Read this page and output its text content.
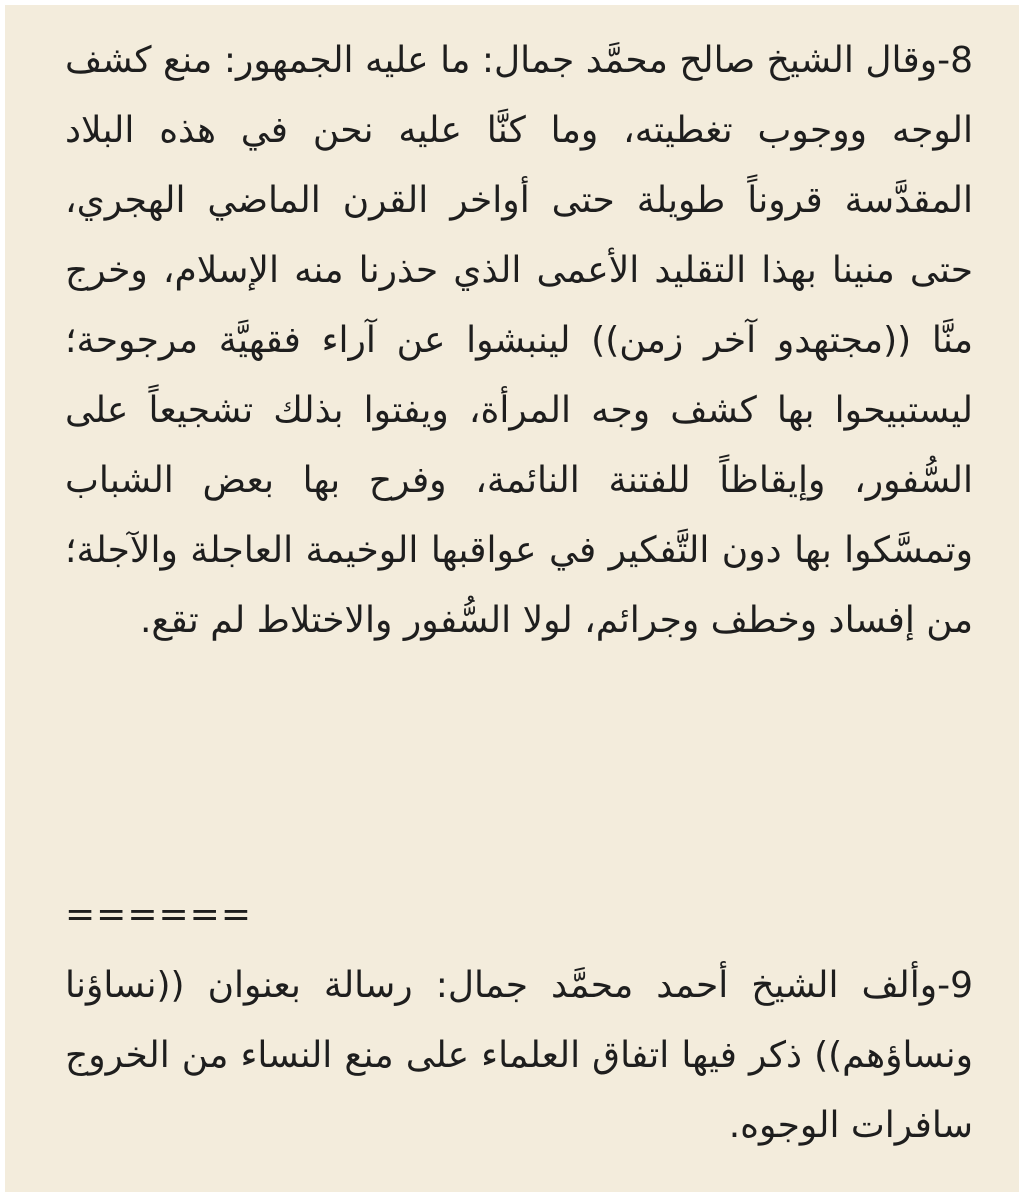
8-وقال الشيخ صالح محمَّد جمال: ما عليه الجمهور: منع كشف الوجه ووجوب تغطيته، وما كنَّا عليه نحن في هذه البلاد المقدَّسة قروناً طويلة حتى أواخر القرن الماضي الهجري، حتى منينا بهذا التقليد الأعمى الذي حذرنا منه الإسلام، وخرج منَّا ((مجتهدو آخر زمن)) لينبشوا عن آراء فقهيَّة مرجوحة؛ ليستبيحوا بها كشف وجه المرأة، ويفتوا بذلك تشجيعاً على السُّفور، وإيقاظاً للفتنة النائمة، وفرح بها بعض الشباب وتمسَّكوا بها دون التَّفكير في عواقبها الوخيمة العاجلة والآجلة؛ من إفساد وخطف وجرائم، لولا السُّفور والاختلاط لم تقع.

======

9-وألف الشيخ أحمد محمَّد جمال: رسالة بعنوان ((نساؤنا ونساؤهم)) ذكر فيها اتفاق العلماء على منع النساء من الخروج سافرات الوجوه.
